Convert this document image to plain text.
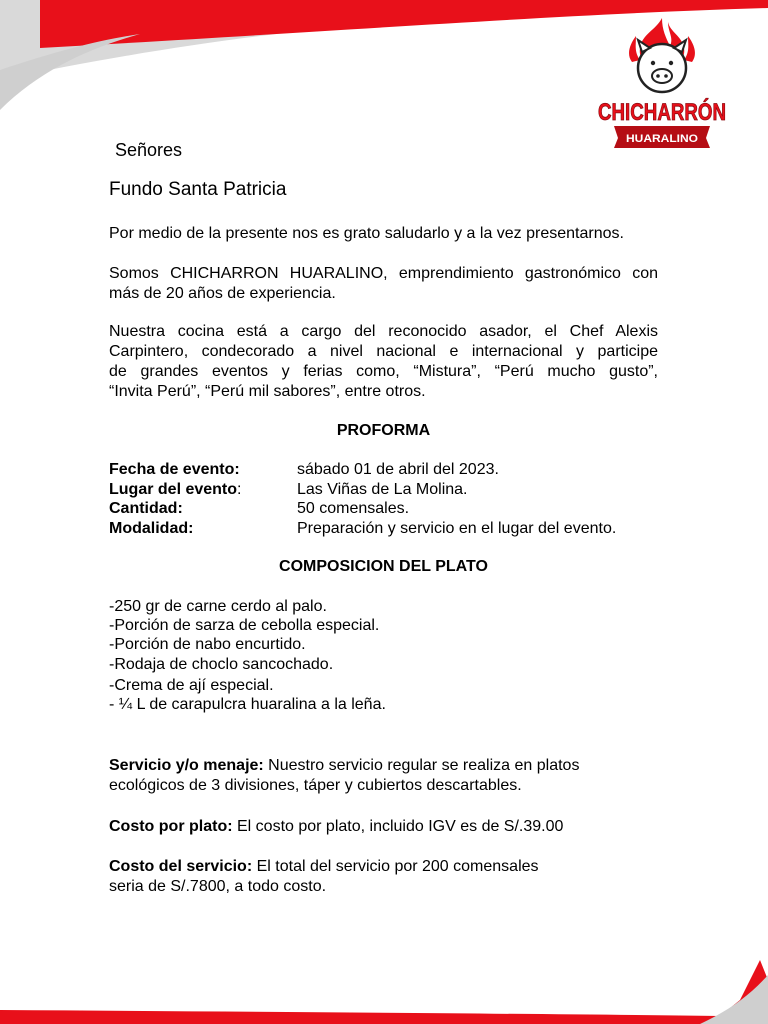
CHICHARRÓN
HUARALINO
Señores
Fundo Santa Patricia
Por medio de la presente nos es grato saludarlo y a la vez presentarnos.
Somos CHICHARRON HUARALINO, emprendimiento gastronómico con más de 20 años de experiencia.
Nuestra cocina está a cargo del reconocido asador, el Chef Alexis
Carpintero, condecorado a nivel nacional e internacional y participe
de grandes eventos y ferias como, “Mistura”, “Perú mucho gusto”,
“Invita Perú”, “Perú mil sabores”, entre otros.
PROFORMA
Fecha de evento:	sábado 01 de abril del 2023.
Lugar del evento:	Las Viñas de La Molina.
Cantidad:	50 comensales.
Modalidad:	Preparación y servicio en el lugar del evento.
COMPOSICION DEL PLATO
-250 gr de carne cerdo al palo.
-Porción de sarza de cebolla especial.
-Porción de nabo encurtido.
-Rodaja de choclo sancochado.
-Crema de ají especial.
- ¼ L de carapulcra huaralina a la leña.
Servicio y/o menaje: Nuestro servicio regular se realiza en platos
ecológicos de 3 divisiones, táper y cubiertos descartables.
Costo por plato: El costo por plato, incluido IGV es de S/.39.00
Costo del servicio: El total del servicio por 200 comensales
seria de S/.7800, a todo costo.
